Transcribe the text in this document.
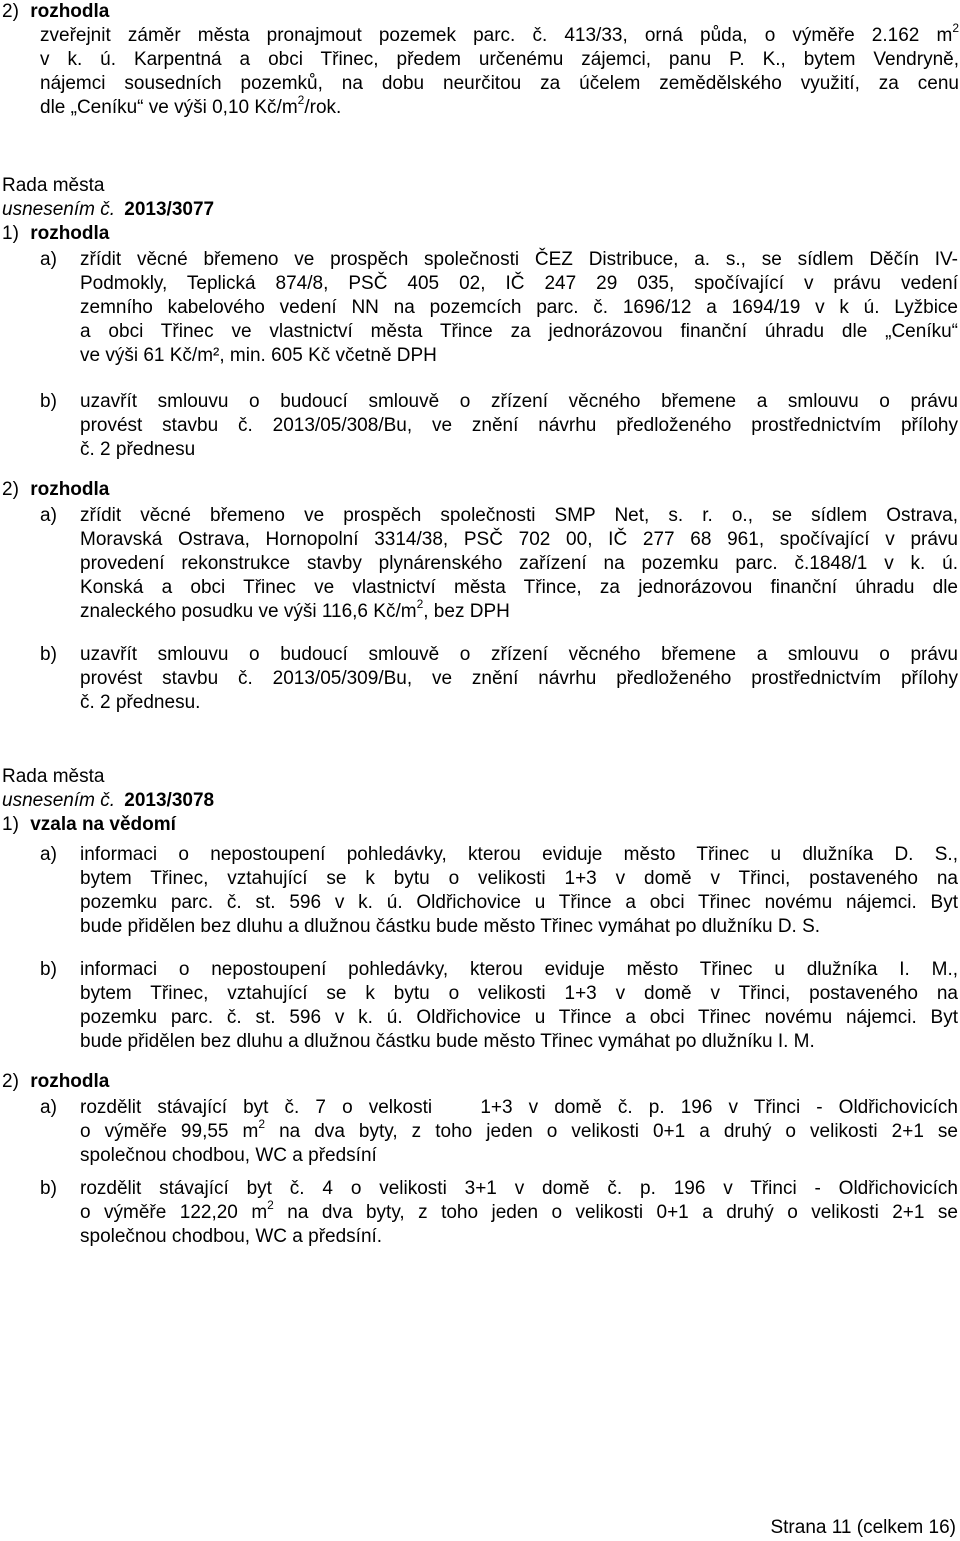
2) rozhodla
zveřejnit záměr města pronajmout pozemek parc. č. 413/33, orná půda, o výměře 2.162 $m^2$
v k. ú. Karpentná a obci Třinec, předem určenému zájemci, panu P. K., bytem Vendryně,
nájemci sousedních pozemků, na dobu neurčitou za účelem zemědělského využití, za cenu
dle „Ceníku“ ve výši 0,10 $Kč/m^2$/rok.
Rada města
usnesením č. 2013/3077
1) rozhodla
a) zřídit věcné břemeno ve prospěch společnosti ČEZ Distribuce, a. s., se sídlem Děčín IV-
Podmokly, Teplická 874/8, PSČ 405 02, IČ 247 29 035, spočívající v právu vedení
zemního kabelového vedení NN na pozemcích parc. č. 1696/12 a 1694/19 v k ú. Lyžbice
a obci Třinec ve vlastnictví města Třince za jednorázovou finanční úhradu dle „Ceníku“
ve výši 61 Kč/m², min. 605 Kč včetně DPH
b) uzavřít smlouvu o budoucí smlouvě o zřízení věcného břemene a smlouvu o právu
provést stavbu č. 2013/05/308/Bu, ve znění návrhu předloženého prostřednictvím přílohy
č. 2 přednesu
2) rozhodla
a) zřídit věcné břemeno ve prospěch společnosti SMP Net, s. r. o., se sídlem Ostrava,
Moravská Ostrava, Hornopolní 3314/38, PSČ 702 00, IČ 277 68 961, spočívající v právu
provedení rekonstrukce stavby plynárenského zařízení na pozemku parc. č.1848/1 v k. ú.
Konská a obci Třinec ve vlastnictví města Třince, za jednorázovou finanční úhradu dle
znaleckého posudku ve výši 116,6 $Kč/m^2$, bez DPH
b) uzavřít smlouvu o budoucí smlouvě o zřízení věcného břemene a smlouvu o právu
provést stavbu č. 2013/05/309/Bu, ve znění návrhu předloženého prostřednictvím přílohy
č. 2 přednesu.
Rada města
usnesením č. 2013/3078
1) vzala na vědomí
a) informaci o nepostoupení pohledávky, kterou eviduje město Třinec u dlužníka D. S.,
bytem Třinec, vztahující se k bytu o velikosti 1+3 v domě v Třinci, postaveného na
pozemku parc. č. st. 596 v k. ú. Oldřichovice u Třince a obci Třinec novému nájemci. Byt
bude přidělen bez dluhu a dlužnou částku bude město Třinec vymáhat po dlužníku D. S.
b) informaci o nepostoupení pohledávky, kterou eviduje město Třinec u dlužníka I. M.,
bytem Třinec, vztahující se k bytu o velikosti 1+3 v domě v Třinci, postaveného na
pozemku parc. č. st. 596 v k. ú. Oldřichovice u Třince a obci Třinec novému nájemci. Byt
bude přidělen bez dluhu a dlužnou částku bude město Třinec vymáhat po dlužníku I. M.
2) rozhodla
a) rozdělit stávající byt č. 7 o velkosti   1+3 v domě č. p. 196 v Třinci - Oldřichovicích
o výměře 99,55 $m^2$ na dva byty, z toho jeden o velikosti 0+1 a druhý o velikosti 2+1 se
společnou chodbou, WC a předsíní
b) rozdělit stávající byt č. 4 o velikosti 3+1 v domě č. p. 196 v Třinci - Oldřichovicích
o výměře 122,20 $m^2$ na dva byty, z toho jeden o velikosti 0+1 a druhý o velikosti 2+1 se
společnou chodbou, WC a předsíní.
Strana 11 (celkem 16)
